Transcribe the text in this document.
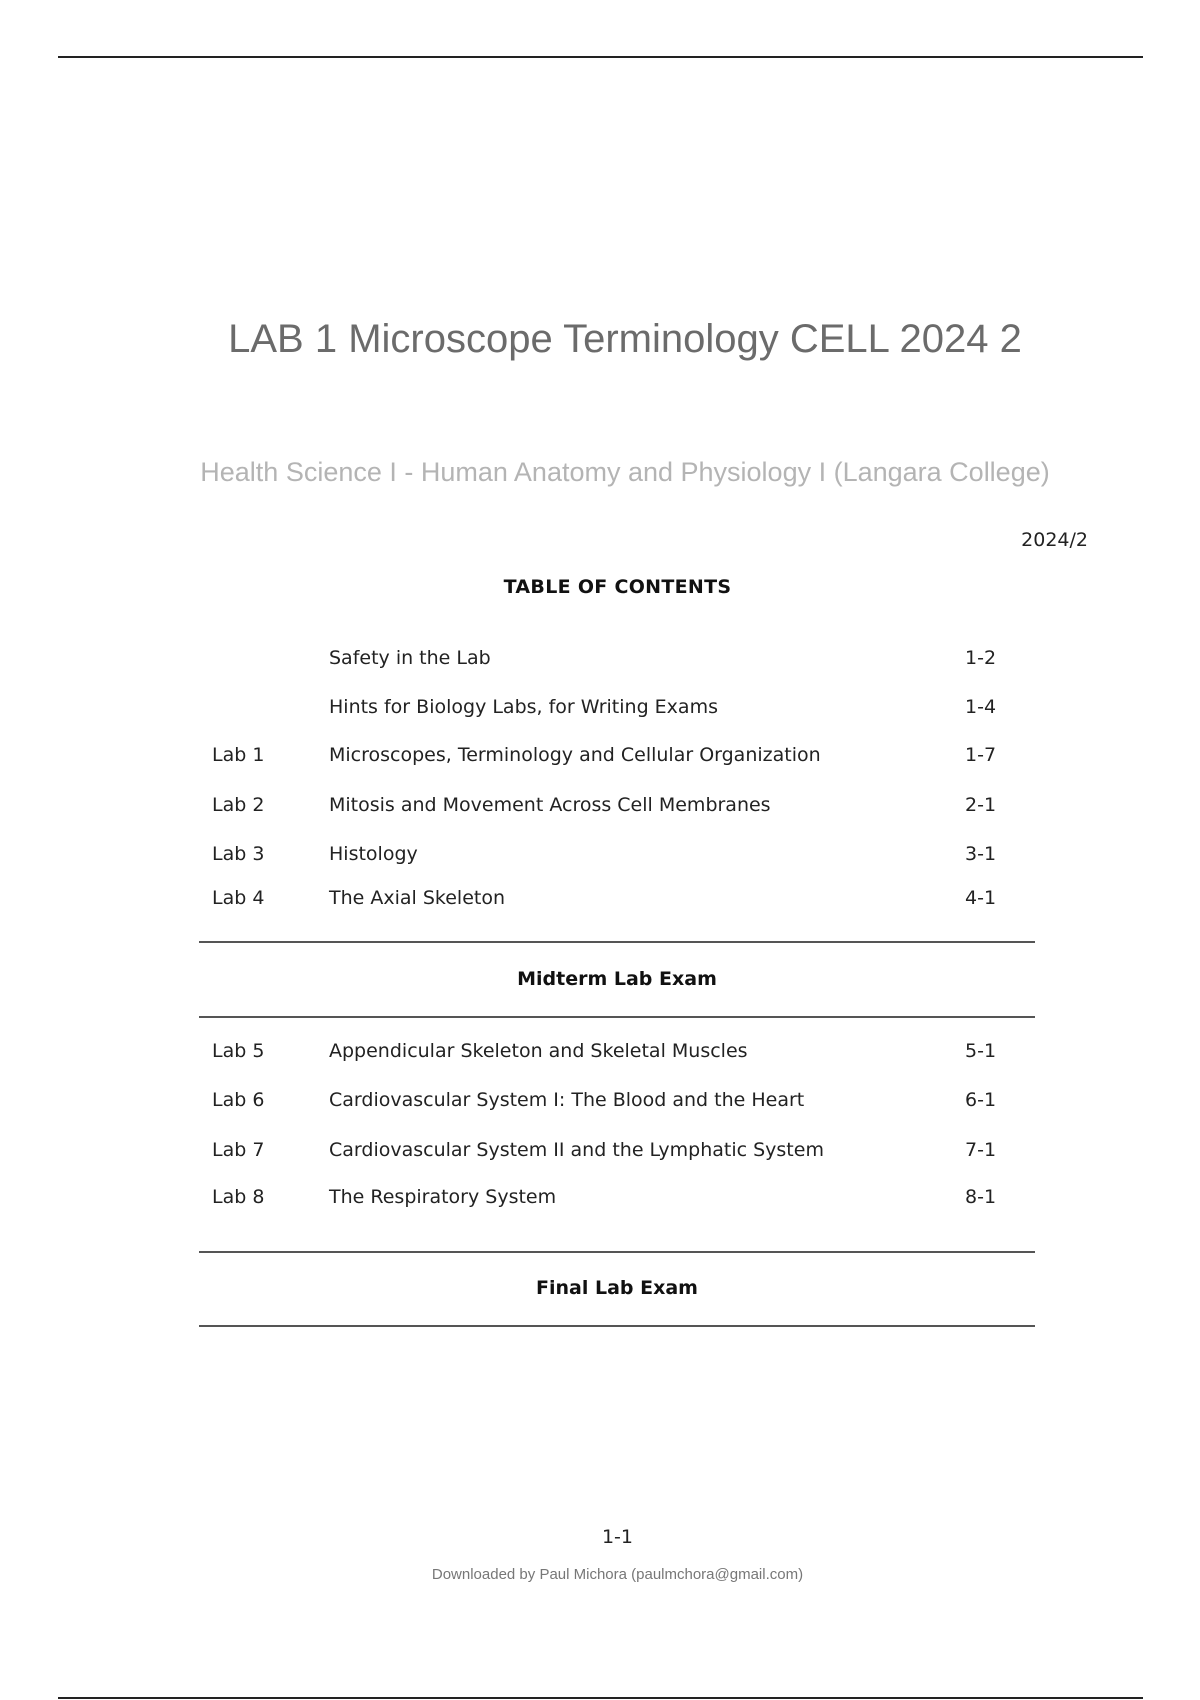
LAB 1 Microscope Terminology CELL 2024 2
Health Science I - Human Anatomy and Physiology I (Langara College)
2024/2
TABLE OF CONTENTS
Safety in the Lab	1-2
Hints for Biology Labs, for Writing Exams	1-4
Lab 1	Microscopes, Terminology and Cellular Organization	1-7
Lab 2	Mitosis and Movement Across Cell Membranes	2-1
Lab 3	Histology	3-1
Lab 4	The Axial Skeleton	4-1
Midterm Lab Exam
Lab 5	Appendicular Skeleton and Skeletal Muscles	5-1
Lab 6	Cardiovascular System I: The Blood and the Heart	6-1
Lab 7	Cardiovascular System II and the Lymphatic System	7-1
Lab 8	The Respiratory System	8-1
Final Lab Exam
1-1
Downloaded by Paul Michora (paulmchora@gmail.com)
